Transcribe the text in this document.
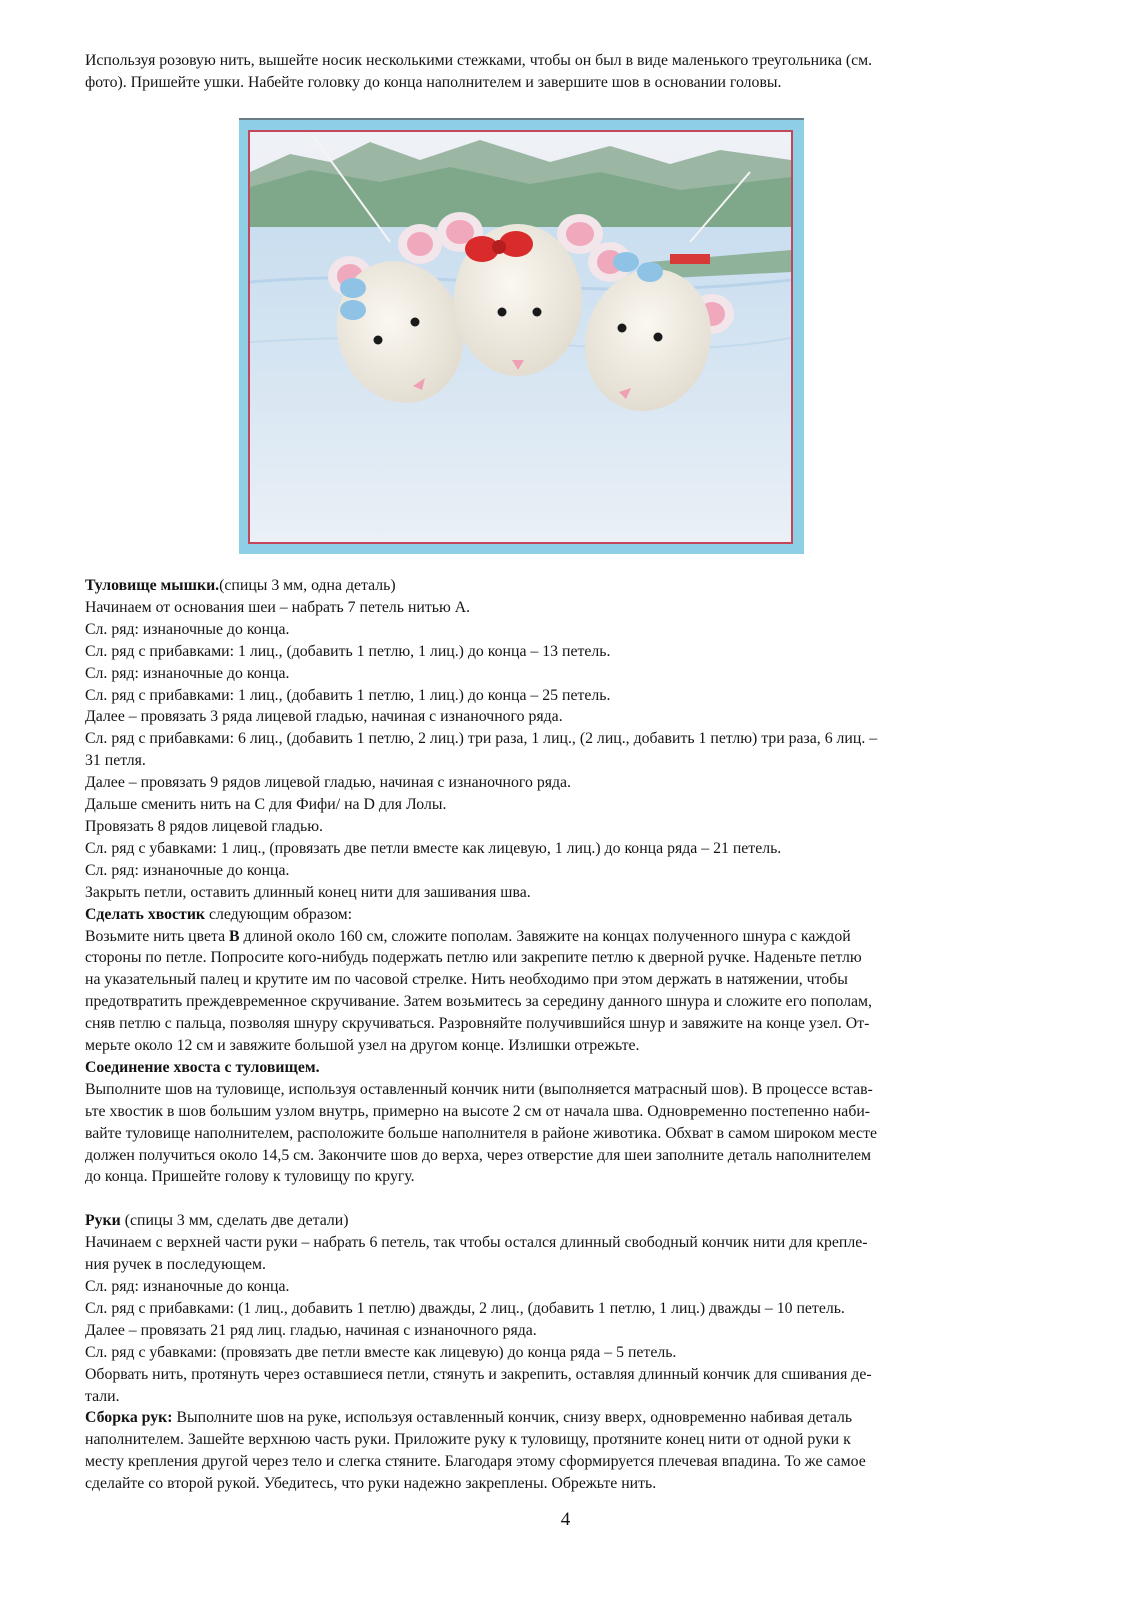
Используя розовую нить, вышейте носик несколькими стежками, чтобы он был в виде маленького треугольника (см.

фото). Пришейте ушки. Набейте головку до конца наполнителем и завершите шов в основании головы.

Туловище мышки.(спицы 3 мм, одна деталь)

Начинаем от основания шеи – набрать 7 петель нитью А.

Сл. ряд: изнаночные до конца.

Сл. ряд с прибавками: 1 лиц., (добавить 1 петлю, 1 лиц.) до конца – 13 петель.

Сл. ряд: изнаночные до конца.

Сл. ряд с прибавками: 1 лиц., (добавить 1 петлю, 1 лиц.) до конца – 25 петель.

Далее – провязать 3 ряда лицевой гладью, начиная с изнаночного ряда.

Сл. ряд с прибавками: 6 лиц., (добавить 1 петлю, 2 лиц.) три раза, 1 лиц., (2 лиц., добавить 1 петлю) три раза, 6 лиц. –

31 петля.

Далее – провязать 9 рядов лицевой гладью, начиная с изнаночного ряда.

Дальше сменить нить на С для Фифи/ на D для Лолы.

Провязать 8 рядов лицевой гладью.

Сл. ряд с убавками: 1 лиц., (провязать две петли вместе как лицевую, 1 лиц.) до конца ряда – 21 петель.

Сл. ряд: изнаночные до конца.

Закрыть петли, оставить длинный конец нити для зашивания шва.

Сделать хвостик следующим образом:

Возьмите нить цвета В длиной около 160 см, сложите пополам. Завяжите на концах полученного шнура с каждой

стороны по петле. Попросите кого-нибудь подержать петлю или закрепите петлю к дверной ручке. Наденьте петлю

на указательный палец и крутите им по часовой стрелке. Нить необходимо при этом держать в натяжении, чтобы

предотвратить преждевременное скручивание. Затем возьмитесь за середину данного шнура и сложите его пополам,

сняв петлю с пальца, позволяя шнуру скручиваться. Разровняйте получившийся шнур и завяжите на конце узел. От-

мерьте около 12 см и завяжите большой узел на другом конце. Излишки отрежьте.

Соединение хвоста с туловищем.

Выполните шов на туловище, используя оставленный кончик нити (выполняется матрасный шов). В процессе встав-

ьте хвостик в шов большим узлом внутрь, примерно на высоте 2 см от начала шва. Одновременно постепенно наби-

вайте туловище наполнителем, расположите больше наполнителя в районе животика. Обхват в самом широком месте

должен получиться около 14,5 см. Закончите шов до верха, через отверстие для шеи заполните деталь наполнителем

до конца. Пришейте голову к туловищу по кругу.

Руки (спицы 3 мм, сделать две детали)

Начинаем с верхней части руки – набрать 6 петель, так чтобы остался длинный свободный кончик нити для крепле-

ния ручек в последующем.

Сл. ряд: изнаночные до конца.

Сл. ряд с прибавками: (1 лиц., добавить 1 петлю) дважды, 2 лиц., (добавить 1 петлю, 1 лиц.) дважды – 10 петель.

Далее – провязать 21 ряд лиц. гладью, начиная с изнаночного ряда.

Сл. ряд с убавками: (провязать две петли вместе как лицевую) до конца ряда – 5 петель.

Оборвать нить, протянуть через оставшиеся петли, стянуть и закрепить, оставляя длинный кончик для сшивания де-

тали.

Сборка рук: Выполните шов на руке, используя оставленный кончик, снизу вверх, одновременно набивая деталь

наполнителем. Зашейте верхнюю часть руки. Приложите руку к туловищу, протяните конец нити от одной руки к

месту крепления другой через тело и слегка стяните. Благодаря этому сформируется плечевая впадина. То же самое

сделайте со второй рукой. Убедитесь, что руки надежно закреплены. Обрежьте нить.

4
